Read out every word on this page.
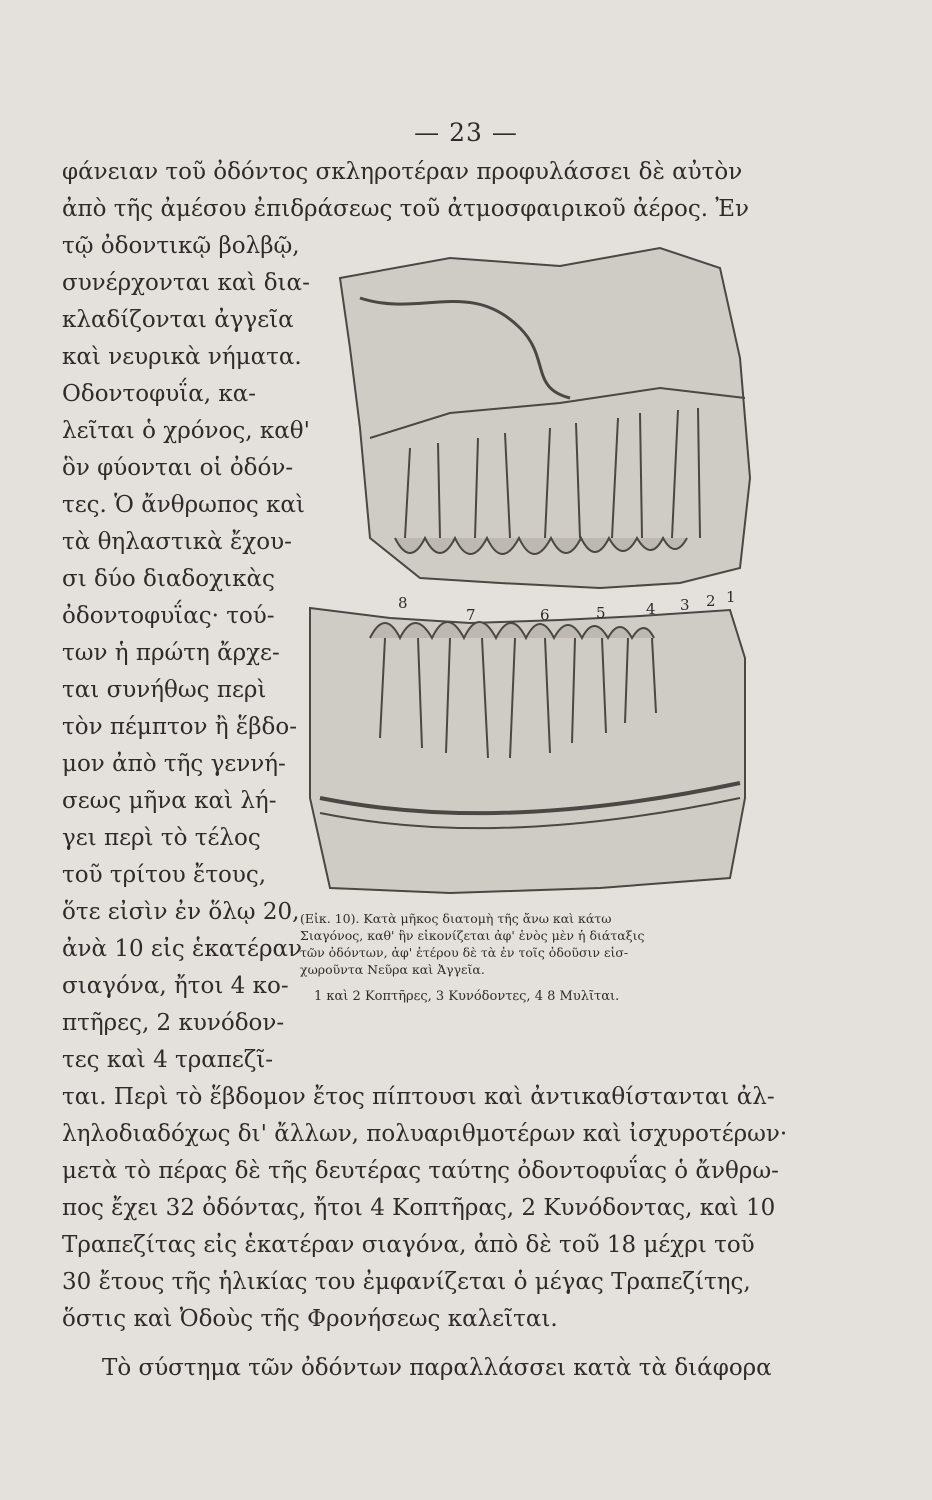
— 23 —
φάνειαν τοῦ ὀδόντος σκληροτέραν προφυλάσσει δὲ αὐτὸν
ἀπὸ τῆς ἀμέσου ἐπιδράσεως τοῦ ἀτμοσφαιρικοῦ ἀέρος. Ἐν
τῷ ὀδοντικῷ βολβῷ,
συνέρχονται καὶ δια-
κλαδίζονται ἀγγεῖα
καὶ νευρικὰ νήματα.
Οδοντοφυΐα, κα-
λεῖται ὁ χρόνος, καθ'
ὃν φύονται οἱ ὀδόν-
τες. Ὁ ἄνθρωπος καὶ
τὰ θηλαστικὰ ἔχου-
σι δύο διαδοχικὰς
ὀδοντοφυΐας· τού-
των ἡ πρώτη ἄρχε-
ται συνήθως περὶ
τὸν πέμπτον ἢ ἕβδο-
μον ἀπὸ τῆς γεννή-
σεως μῆνα καὶ λή-
γει περὶ τὸ τέλος
τοῦ τρίτου ἔτους,
ὅτε εἰσὶν ἐν ὅλῳ 20,
ἀνὰ 10 εἰς ἑκατέραν
σιαγόνα, ἤτοι 4 κο-
πτῆρες, 2 κυνόδον-
τες καὶ 4 τραπεζῖ-
8
7	6	5	4 3 2 1
(Εἰκ. 10). Κατὰ μῆκος διατομὴ τῆς ἄνω καὶ κάτω
Σιαγόνος, καθ' ἣν εἰκονίζεται ἀφ' ἑνὸς μὲν ἡ διάταξις
τῶν ὀδόντων, ἀφ' ἑτέρου δὲ τὰ ἐν τοῖς ὀδοῦσιν εἰσ-
χωροῦντα Νεῦρα καὶ Ἀγγεῖα.
1 καὶ 2 Κοπτῆρες, 3 Κυνόδοντες, 4 8 Μυλῖται.
ται. Περὶ τὸ ἕβδομον ἔτος πίπτουσι καὶ ἀντικαθίστανται ἀλ-
ληλοδιαδόχως δι' ἄλλων, πολυαριθμοτέρων καὶ ἰσχυροτέρων·
μετὰ τὸ πέρας δὲ τῆς δευτέρας ταύτης ὀδοντοφυΐας ὁ ἄνθρω-
πος ἔχει 32 ὀδόντας, ἤτοι 4 Κοπτῆρας, 2 Κυνόδοντας, καὶ 10
Τραπεζίτας εἰς ἑκατέραν σιαγόνα, ἀπὸ δὲ τοῦ 18 μέχρι τοῦ
30 ἔτους τῆς ἡλικίας του ἐμφανίζεται ὁ μέγας Τραπεζίτης,
ὅστις καὶ Ὀδοὺς τῆς Φρονήσεως καλεῖται.
Τὸ σύστημα τῶν ὀδόντων παραλλάσσει κατὰ τὰ διάφορα
